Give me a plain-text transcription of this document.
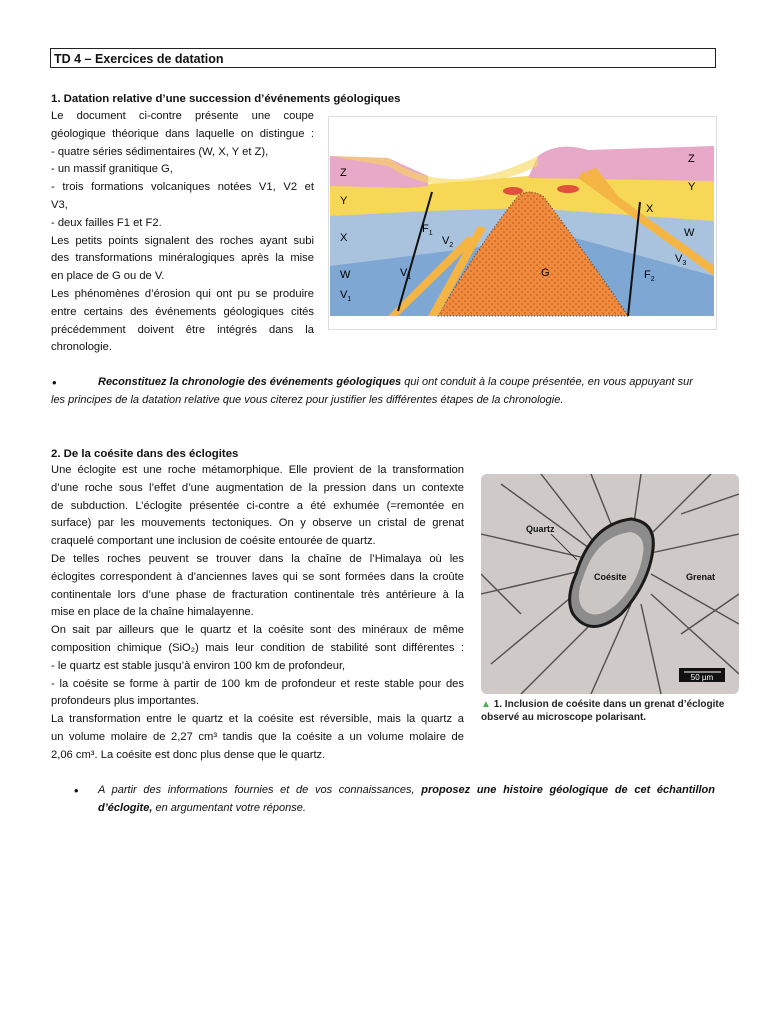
TD 4 – Exercices de datation
1. Datation relative d’une succession d’événements géologiques

Le document ci-contre présente une coupe

géologique théorique dans laquelle on distingue :

- quatre séries sédimentaires (W, X, Y et Z),

- un massif granitique G,

- trois formations volcaniques notées V1, V2 et

V3,

- deux failles F1 et F2.

Les petits points signalent des roches ayant subi

des transformations minéralogiques après la mise

en place de G ou de V.

Les phénomènes d’érosion qui ont pu se produire

entre certains des événements géologiques cités

précédemment doivent être intégrés dans la

chronologie.

Z
Y
X
W
$V_1$
Z
Y
X
W
$V_3$
$F_1$
$F_2$
$V_2$
$V_1$	G
•	Reconstituez la chronologie des événements géologiques qui ont conduit à la coupe présentée, en vous appuyant sur
les principes de la datation relative que vous citerez pour justifier les différentes étapes de la chronologie.
2. De la coésite dans des éclogites

Une éclogite est une roche métamorphique. Elle provient de la transformation

d’une roche sous l’effet d’une augmentation de la pression dans un contexte

de subduction. L’éclogite présentée ci-contre a été exhumée (=remontée en

surface) par les mouvements tectoniques. On y observe un cristal de grenat

craquelé comportant une inclusion de coésite entourée de quartz.

De telles roches peuvent se trouver dans la chaîne de l’Himalaya où les

éclogites correspondent à d’anciennes laves qui se sont formées dans la croûte

continentale lors d’une phase de fracturation continentale très antérieure à la

mise en place de la chaîne himalayenne.

On sait par ailleurs que le quartz et la coésite sont des minéraux de même

composition chimique (SiO₂) mais leur condition de stabilité sont différentes :

- le quartz est stable jusqu’à environ 100 km de profondeur,

- la coésite se forme à partir de 100 km de profondeur et reste stable pour des

profondeurs plus importantes.

La transformation entre le quartz et la coésite est réversible, mais la quartz a

un volume molaire de 2,27 cm³ tandis que la coésite a un volume molaire de

2,06 cm³. La coésite est donc plus dense que le quartz.

Quartz
Coésite	Grenat
50 µm
▲ 1. Inclusion de coésite dans un grenat d’éclogite
observé au microscope polarisant.
• A partir des informations fournies et de vos connaissances, proposez une histoire géologique de cet échantillon
d’éclogite, en argumentant votre réponse.
